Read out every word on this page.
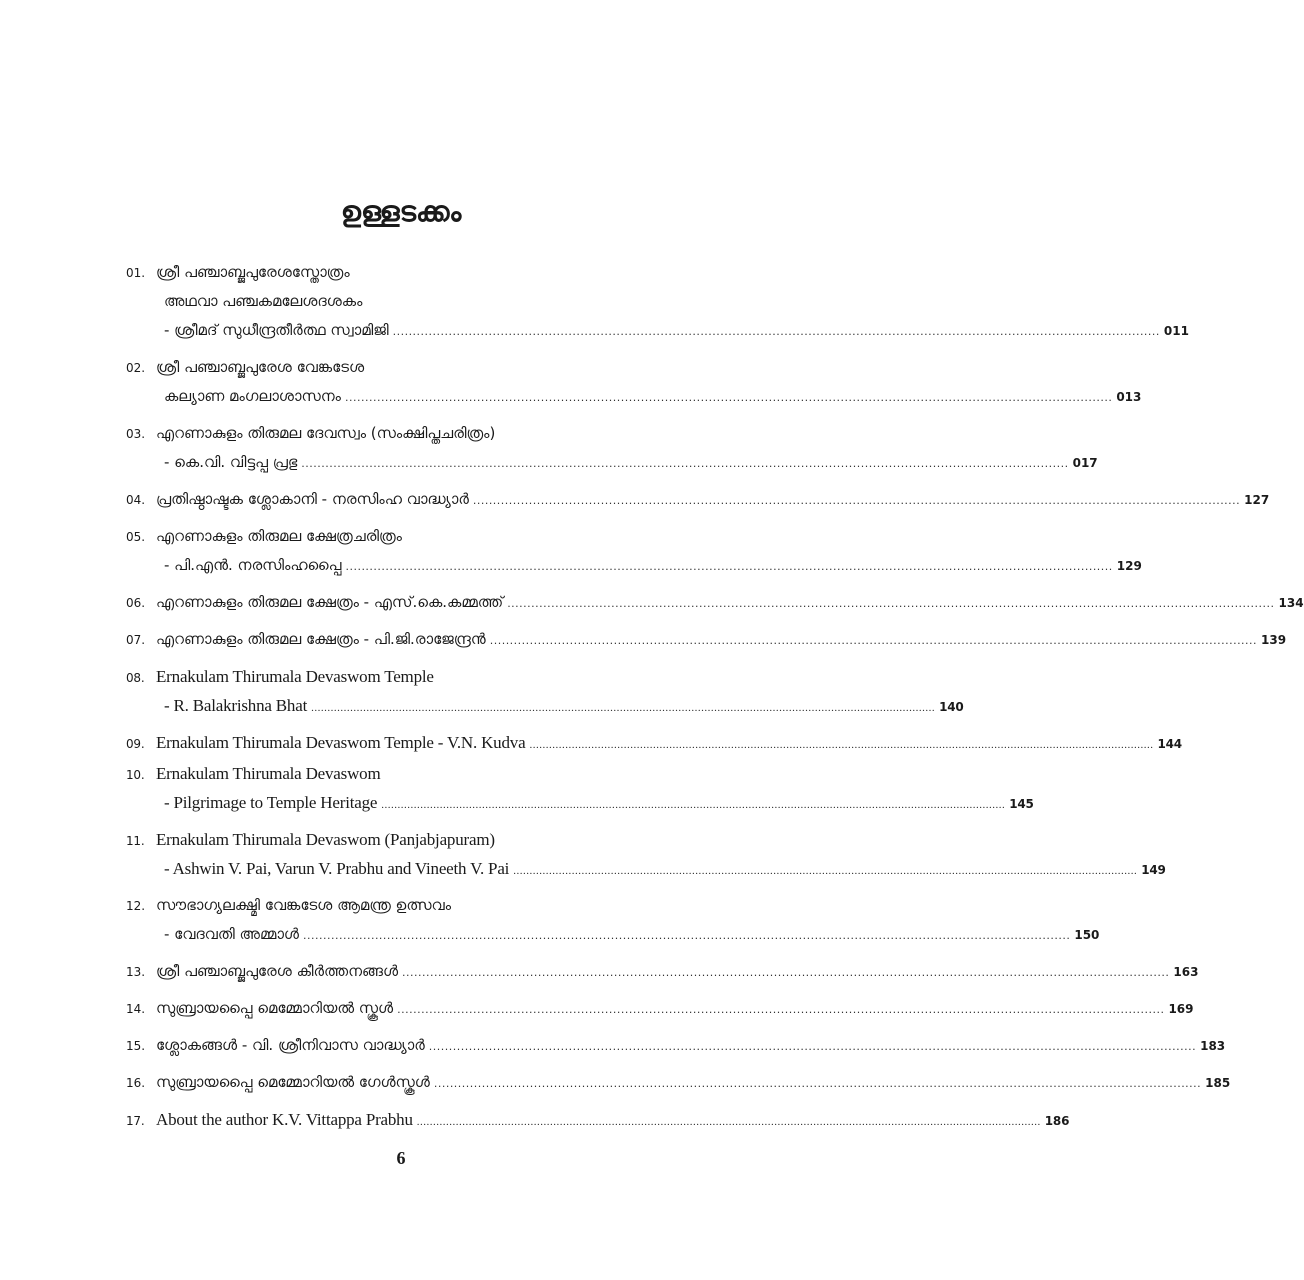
ഉള്ളടക്കം
01. ശ്രീ പഞ്ചാബ്ജപുരേശസ്തോത്രം
അഥവാ പഞ്ചകമലേശദശകം
- ശ്രീമദ് സുധീന്ദ്രതീർത്ഥ സ്വാമിജി .....	011
02. ശ്രീ പഞ്ചാബ്ജപുരേശ വേങ്കടേശ
കല്യാണ മംഗലാശാസനം .....	013
03. എറണാകുളം തിരുമല ദേവസ്വം (സംക്ഷിപ്തചരിത്രം)
- കെ.വി. വിട്ടപ്പ പ്രഭു .....	017
04. പ്രതിഷ്ഠാഷ്ടക ശ്ലോകാനി - നരസിംഹ വാദ്ധ്യാർ .....	127
05. എറണാകുളം തിരുമല ക്ഷേത്രചരിത്രം
- പി.എൻ. നരസിംഹപ്പൈ .....	129
06. എറണാകുളം തിരുമല ക്ഷേത്രം - എസ്.കെ.കമ്മത്ത് .....	134
07. എറണാകുളം തിരുമല ക്ഷേത്രം - പി.ജി.രാജേന്ദ്രൻ .....	139
08. Ernakulam Thirumala Devaswom Temple
- R. Balakrishna Bhat .....	140
09. Ernakulam Thirumala Devaswom Temple - V.N. Kudva .....	144
10. Ernakulam Thirumala Devaswom
- Pilgrimage to Temple Heritage .....	145
11. Ernakulam Thirumala Devaswom (Panjabjapuram)
- Ashwin V. Pai, Varun V. Prabhu and Vineeth V. Pai .....	149
12. സൗഭാഗ്യലക്ഷ്മി വേങ്കടേശ ആമന്ത്ര ഉത്സവം
- വേദവതി അമ്മാൾ .....	150
13. ശ്രീ പഞ്ചാബ്ജപുരേശ കീർത്തനങ്ങൾ .....	163
14. സുബ്രായപ്പൈ മെമ്മോറിയൽ സ്കൂൾ .....	169
15. ശ്ലോകങ്ങൾ - വി. ശ്രീനിവാസ വാദ്ധ്യാർ .....	183
16. സുബ്രായപ്പൈ മെമ്മോറിയൽ ഗേൾസ്കൂൾ .....	185
17. About the author K.V. Vittappa Prabhu .....	186
6
